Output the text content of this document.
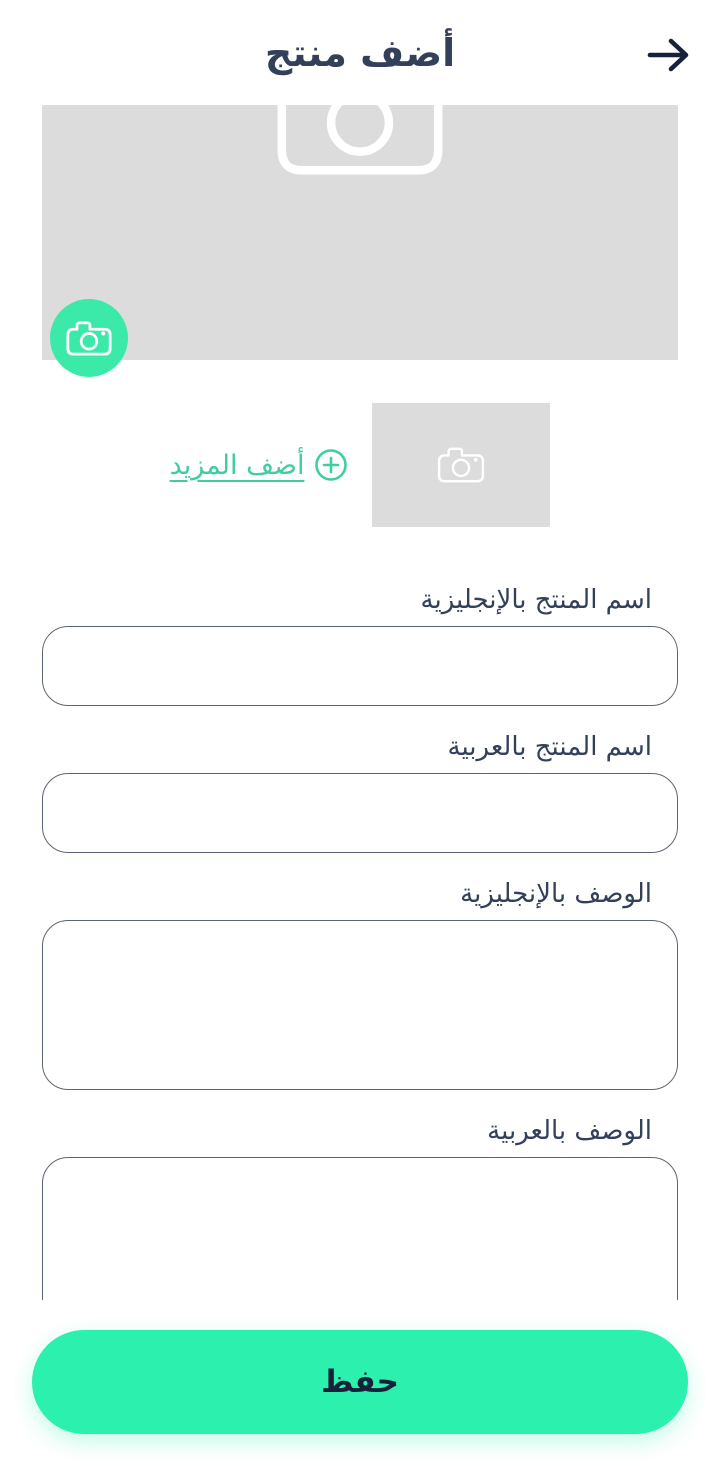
أضف منتج
أضف المزيد
اسم المنتج بالإنجليزية
اسم المنتج بالعربية
الوصف بالإنجليزية
الوصف بالعربية
حفظ
